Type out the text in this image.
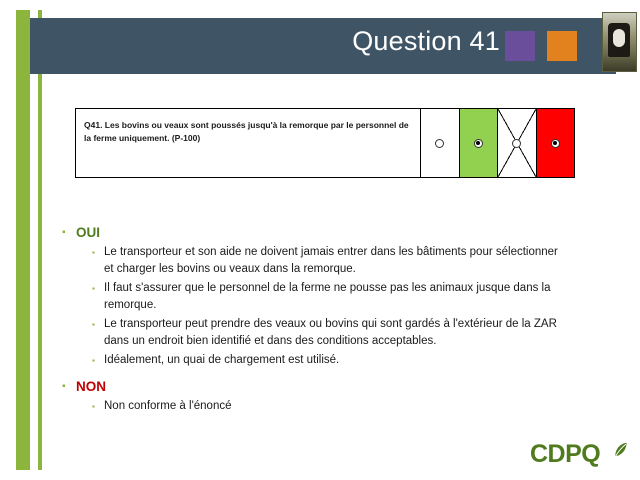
Question 41
Q41. Les bovins ou veaux sont poussés jusqu'à la remorque par le personnel de la ferme uniquement. (P-100)
▪ OUI
▪ Le transporteur et son aide ne doivent jamais entrer dans les bâtiments pour sélectionner et charger les bovins ou veaux dans la remorque.
▪ Il faut s'assurer que le personnel de la ferme ne pousse pas les animaux jusque dans la remorque.
▪ Le transporteur peut prendre des veaux ou bovins qui sont gardés à l'extérieur de la ZAR dans un endroit bien identifié et dans des conditions acceptables.
▪ Idéalement, un quai de chargement est utilisé.
▪ NON
▪ Non conforme à l'énoncé
CDPQ
